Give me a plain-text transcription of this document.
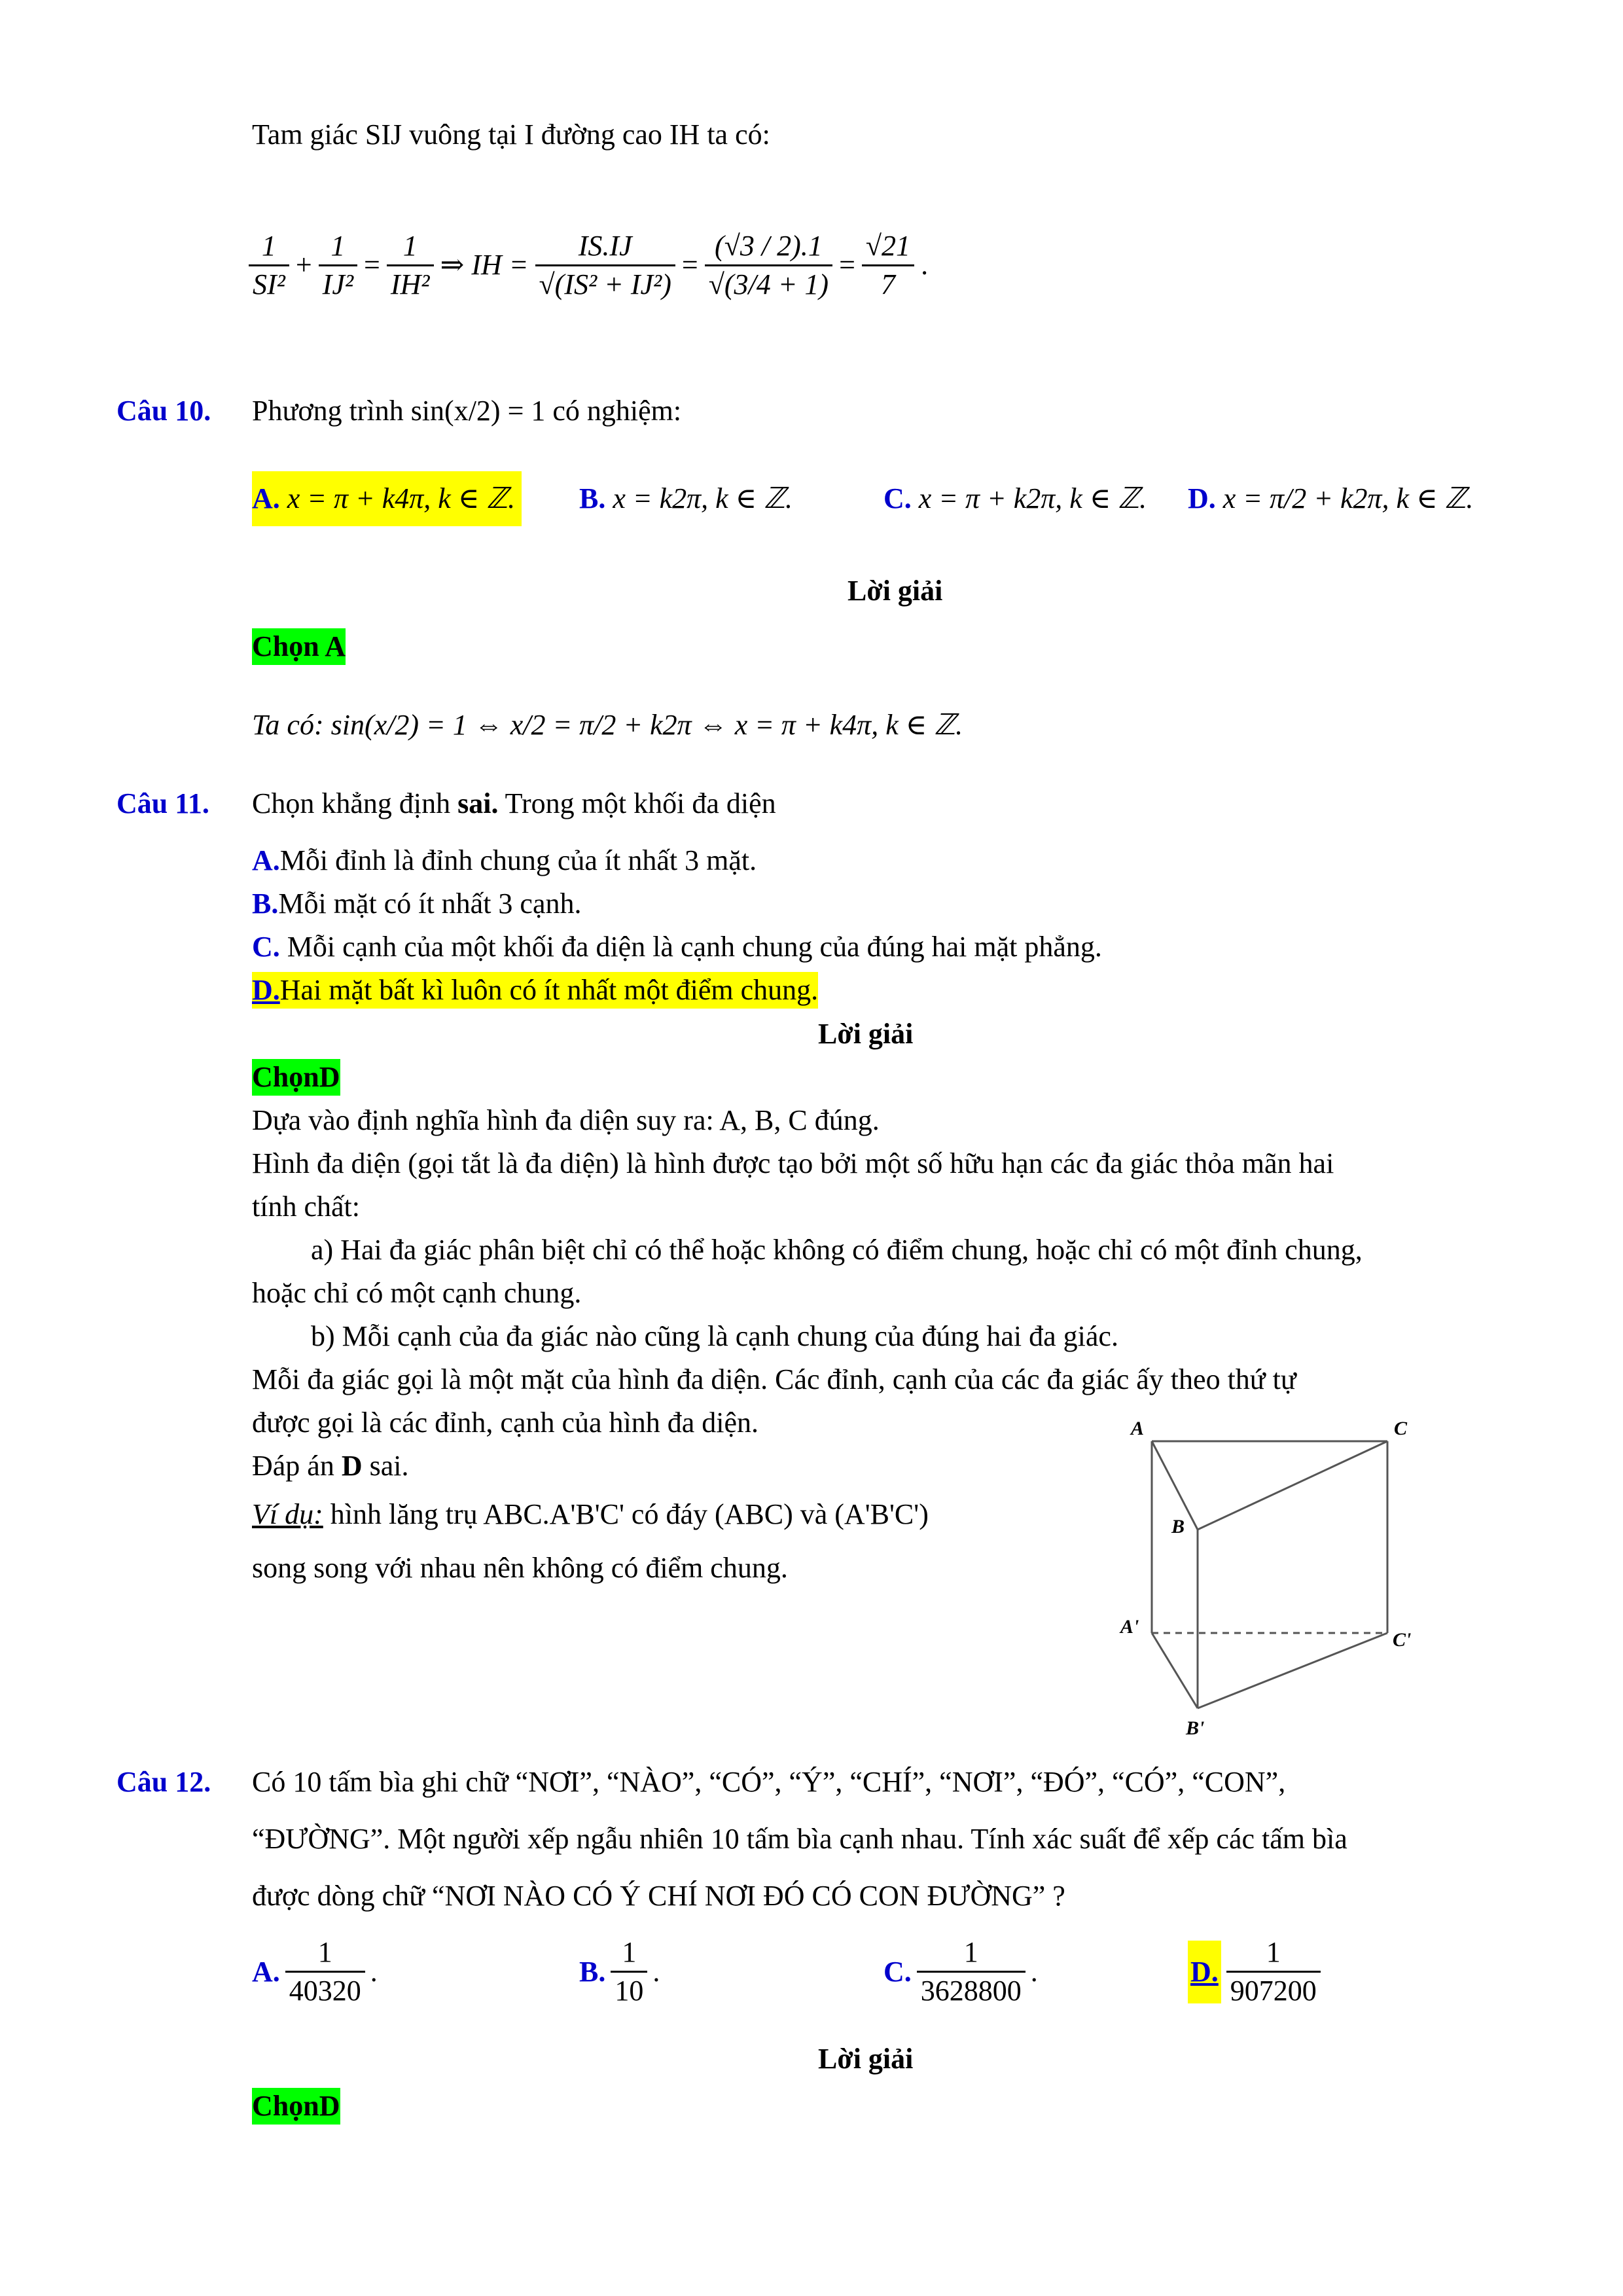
Tam giác SIJ vuông tại I đường cao IH ta có:
1
SI²
+ $\frac{1}{\text{IJ²}} = \frac{1}{\text{IH²}}$ ⇒ IH = $\frac{IS.IJ}{\text{√(IS² + IJ²)}} = \frac{(√3 / 2).1}{√(3/4 + 1)} = \frac{√21}{7}$ .
Câu 10. Phương trình sin(x/2) = 1 có nghiệm:
A. x = π + k4π, k ∈ ℤ. B. x = k2π, k ∈ ℤ.	C. x = π + k2π, k ∈ ℤ. D. x = π/2 + k2π, k ∈ ℤ.
Lời giải
Chọn A
Ta có: sin(x/2) = 1 ⇔ x/2 = π/2 + k2π ⇔ x = π + k4π, k ∈ ℤ.
Câu 11. Chọn khẳng định sai. Trong một khối đa diện
A.Mỗi đỉnh là đỉnh chung của ít nhất 3 mặt.
B.Mỗi mặt có ít nhất 3 cạnh.
C. Mỗi cạnh của một khối đa diện là cạnh chung của đúng hai mặt phẳng.
D.Hai mặt bất kì luôn có ít nhất một điểm chung.
Lời giải
ChọnD
Dựa vào định nghĩa hình đa diện suy ra: A, B, C đúng.
Hình đa diện (gọi tắt là đa diện) là hình được tạo bởi một số hữu hạn các đa giác thỏa mãn hai
tính chất:
a) Hai đa giác phân biệt chỉ có thể hoặc không có điểm chung, hoặc chỉ có một đỉnh chung,
hoặc chỉ có một cạnh chung.
b) Mỗi cạnh của đa giác nào cũng là cạnh chung của đúng hai đa giác.
Mỗi đa giác gọi là một mặt của hình đa diện. Các đỉnh, cạnh của các đa giác ấy theo thứ tự
được gọi là các đỉnh, cạnh của hình đa diện.
Đáp án D sai.
Ví dụ: hình lăng trụ ABC.A'B'C' có đáy (ABC) và (A'B'C')
song song với nhau nên không có điểm chung.
A	C
B
A'
C'
B'
Câu 12. Có 10 tấm bìa ghi chữ “NƠI”, “NÀO”, “CÓ”, “Ý”, “CHÍ”, “NƠI”, “ĐÓ”, “CÓ”, “CON”,
“ĐƯỜNG”. Một người xếp ngẫu nhiên 10 tấm bìa cạnh nhau. Tính xác suất để xếp các tấm bìa
được dòng chữ “NƠI NÀO CÓ Ý CHÍ NƠI ĐÓ CÓ CON ĐƯỜNG” ?
A.
1
40320
.	B.
1
10
.	C.
1
3628800
.	D.
1
907200
Lời giải
ChọnD
